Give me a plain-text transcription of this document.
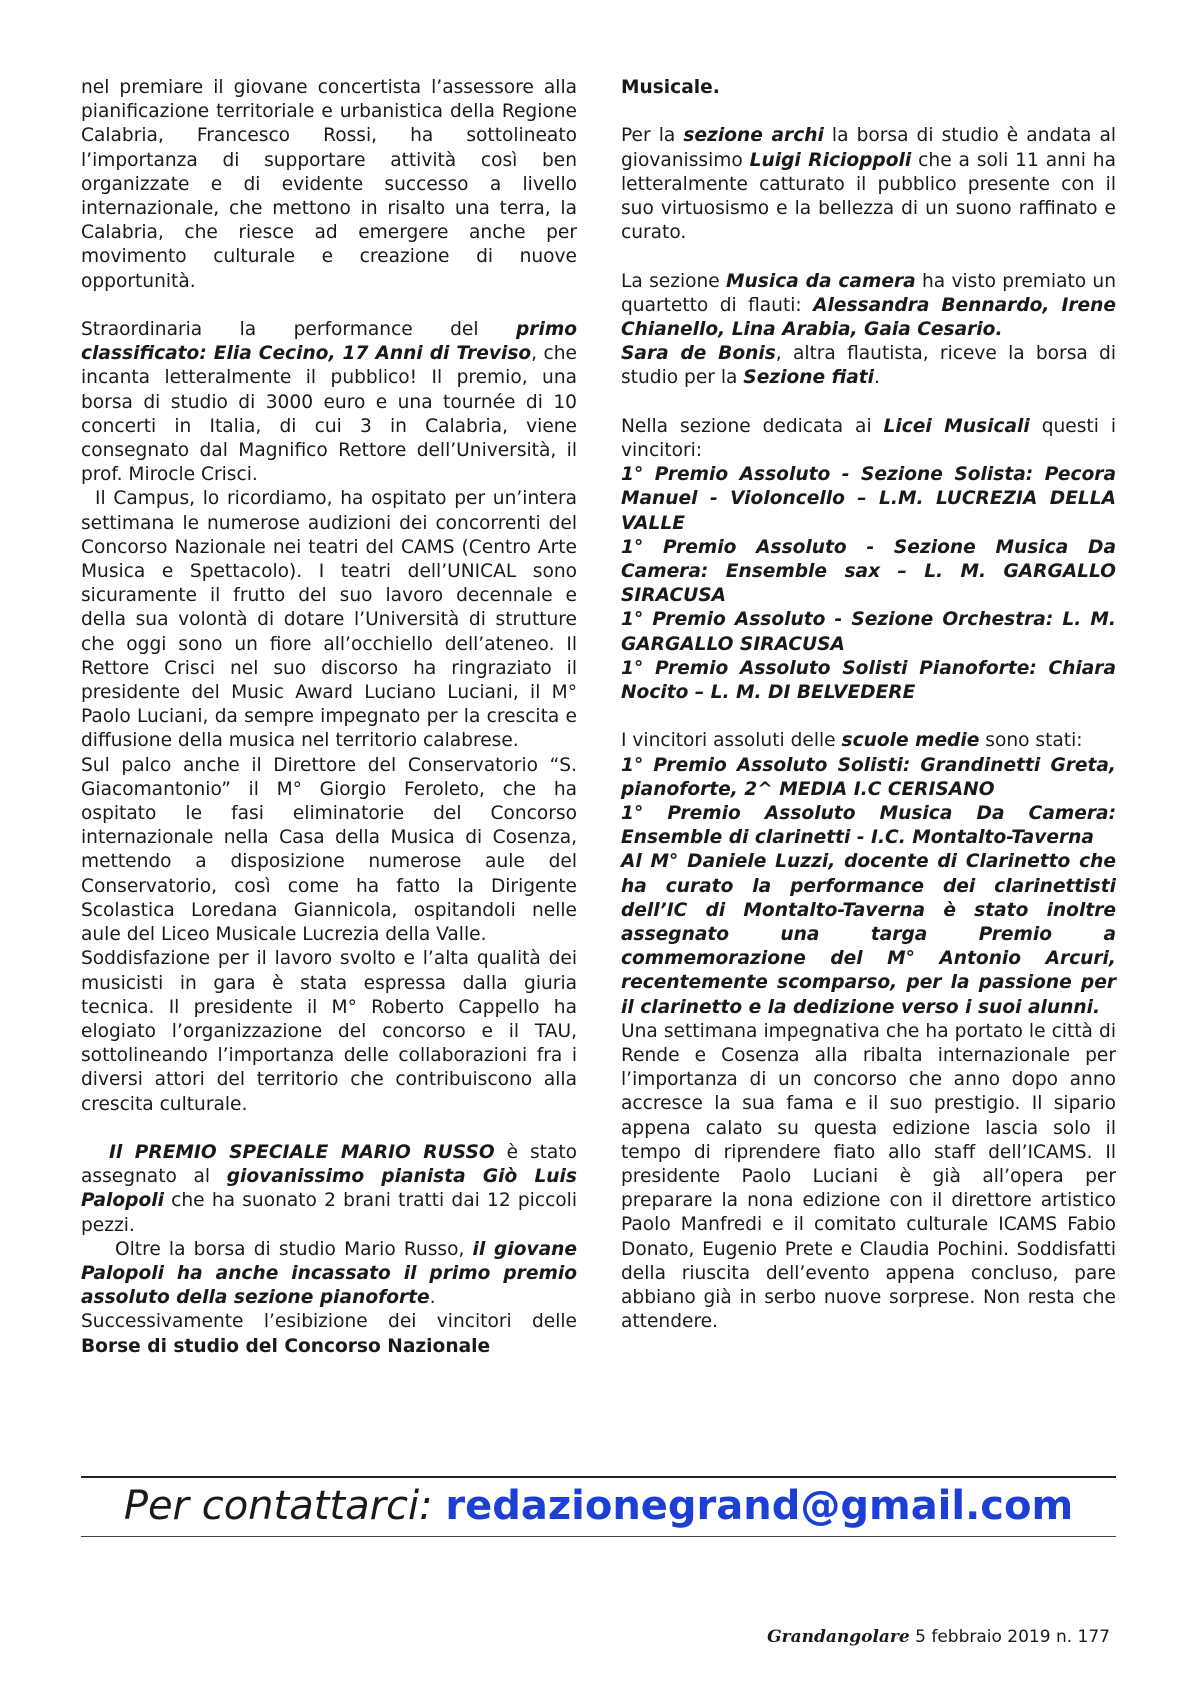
nel premiare il giovane concertista l’assessore alla pianificazione territoriale e urbanistica della Regione Calabria, Francesco Rossi, ha sottolineato l’importanza di supportare attività così ben organizzate e di evidente successo a livello internazionale, che mettono in risalto una terra, la Calabria, che riesce ad emergere anche per movimento culturale e creazione di nuove opportunità.

Straordinaria la performance del primo classificato: Elia Cecino, 17 Anni di Treviso, che incanta letteralmente il pubblico! Il premio, una borsa di studio di 3000 euro e una tournée di 10 concerti in Italia, di cui 3 in Calabria, viene consegnato dal Magnifico Rettore dell’Università, il prof. Mirocle Crisci.

Il Campus, lo ricordiamo, ha ospitato per un’intera settimana le numerose audizioni dei concorrenti del Concorso Nazionale nei teatri del CAMS (Centro Arte Musica e Spettacolo). I teatri dell’UNICAL sono sicuramente il frutto del suo lavoro decennale e della sua volontà di dotare l’Università di strutture che oggi sono un fiore all’occhiello dell’ateneo. Il Rettore Crisci nel suo discorso ha ringraziato il presidente del Music Award Luciano Luciani, il M° Paolo Luciani, da sempre impegnato per la crescita e diffusione della musica nel territorio calabrese.

Sul palco anche il Direttore del Conservatorio “S. Giacomantonio” il M° Giorgio Feroleto, che ha ospitato le fasi eliminatorie del Concorso internazionale nella Casa della Musica di Cosenza, mettendo a disposizione numerose aule del Conservatorio, così come ha fatto la Dirigente Scolastica Loredana Giannicola, ospitandoli nelle aule del Liceo Musicale Lucrezia della Valle.

Soddisfazione per il lavoro svolto e l’alta qualità dei musicisti in gara è stata espressa dalla giuria tecnica. Il presidente il M° Roberto Cappello ha elogiato l’organizzazione del concorso e il TAU, sottolineando l’importanza delle collaborazioni fra i diversi attori del territorio che contribuiscono alla crescita culturale.

Il PREMIO SPECIALE MARIO RUSSO è stato assegnato al giovanissimo pianista Giò Luis Palopoli che ha suonato 2 brani tratti dai 12 piccoli pezzi.

Oltre la borsa di studio Mario Russo, il giovane Palopoli ha anche incassato il primo premio assoluto della sezione pianoforte.

Successivamente l’esibizione dei vincitori delle Borse di studio del Concorso Nazionale

Musicale.

Per la sezione archi la borsa di studio è andata al giovanissimo Luigi Ricioppoli che a soli 11 anni ha letteralmente catturato il pubblico presente con il suo virtuosismo e la bellezza di un suono raffinato e curato.

La sezione Musica da camera ha visto premiato un quartetto di flauti: Alessandra Bennardo, Irene Chianello, Lina Arabia, Gaia Cesario.

Sara de Bonis, altra flautista, riceve la borsa di studio per la Sezione fiati.

Nella sezione dedicata ai Licei Musicali questi i vincitori:

1° Premio Assoluto - Sezione Solista: Pecora Manuel - Violoncello – L.M. LUCREZIA DELLA VALLE

1° Premio Assoluto - Sezione Musica Da Camera: Ensemble sax – L. M. GARGALLO SIRACUSA

1° Premio Assoluto - Sezione Orchestra: L. M. GARGALLO SIRACUSA

1° Premio Assoluto Solisti Pianoforte: Chiara Nocito – L. M. DI BELVEDERE

I vincitori assoluti delle scuole medie sono stati:

1° Premio Assoluto Solisti: Grandinetti Greta, pianoforte, 2^ MEDIA I.C CERISANO

1° Premio Assoluto Musica Da Camera: Ensemble di clarinetti - I.C. Montalto-Taverna

Al M° Daniele Luzzi, docente di Clarinetto che ha curato la performance dei clarinettisti dell’IC di Montalto-Taverna è stato inoltre assegnato una targa Premio a commemorazione del M° Antonio Arcuri, recentemente scomparso, per la passione per il clarinetto e la dedizione verso i suoi alunni.

Una settimana impegnativa che ha portato le città di Rende e Cosenza alla ribalta internazionale per l’importanza di un concorso che anno dopo anno accresce la sua fama e il suo prestigio. Il sipario appena calato su questa edizione lascia solo il tempo di riprendere fiato allo staff dell’ICAMS. Il presidente Paolo Luciani è già all’opera per preparare la nona edizione con il direttore artistico Paolo Manfredi e il comitato culturale ICAMS Fabio Donato, Eugenio Prete e Claudia Pochini. Soddisfatti della riuscita dell’evento appena concluso, pare abbiano già in serbo nuove sorprese. Non resta che attendere.

Per contattarci: redazionegrand@gmail.com
Grandangolare 5 febbraio 2019 n. 177
